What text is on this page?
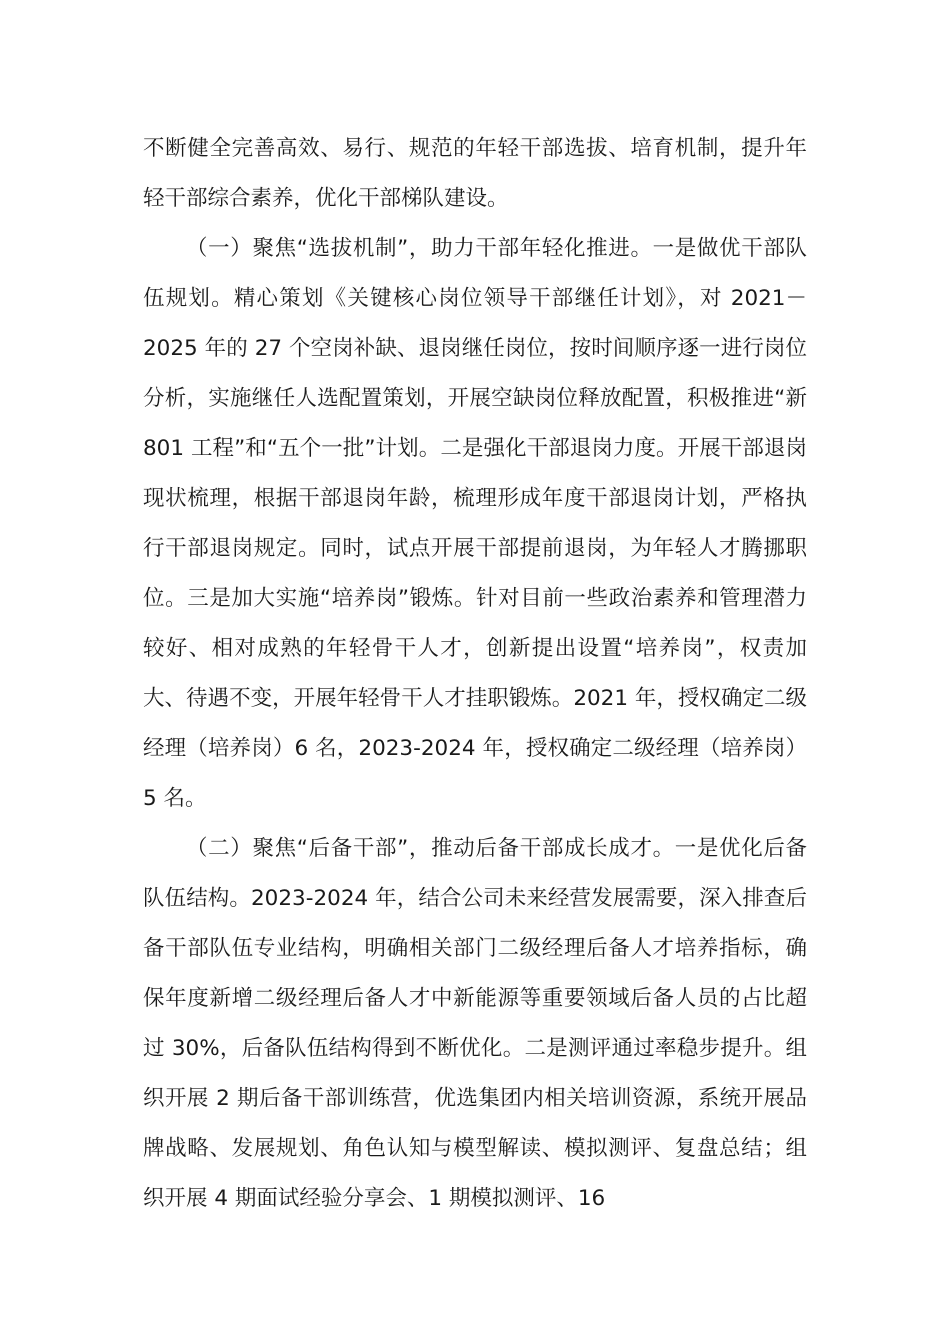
不断健全完善高效、易行、规范的年轻干部选拔、培育机制，提升年轻干部综合素养，优化干部梯队建设。

（一）聚焦“选拔机制”，助力干部年轻化推进。一是做优干部队伍规划。精心策划《关键核心岗位领导干部继任计划》，对 2021－2025 年的 27 个空岗补缺、退岗继任岗位，按时间顺序逐一进行岗位分析，实施继任人选配置策划，开展空缺岗位释放配置，积极推进“新 801 工程”和“五个一批”计划。二是强化干部退岗力度。开展干部退岗现状梳理，根据干部退岗年龄，梳理形成年度干部退岗计划，严格执行干部退岗规定。同时，试点开展干部提前退岗，为年轻人才腾挪职位。三是加大实施“培养岗”锻炼。针对目前一些政治素养和管理潜力较好、相对成熟的年轻骨干人才，创新提出设置“培养岗”，权责加大、待遇不变，开展年轻骨干人才挂职锻炼。2021 年，授权确定二级经理（培养岗）6 名，2023-2024 年，授权确定二级经理（培养岗）5 名。

（二）聚焦“后备干部”，推动后备干部成长成才。一是优化后备队伍结构。2023-2024 年，结合公司未来经营发展需要，深入排查后备干部队伍专业结构，明确相关部门二级经理后备人才培养指标，确保年度新增二级经理后备人才中新能源等重要领域后备人员的占比超过 30%，后备队伍结构得到不断优化。二是测评通过率稳步提升。组织开展 2 期后备干部训练营，优选集团内相关培训资源，系统开展品牌战略、发展规划、角色认知与模型解读、模拟测评、复盘总结；组织开展 4 期面试经验分享会、1 期模拟测评、16
